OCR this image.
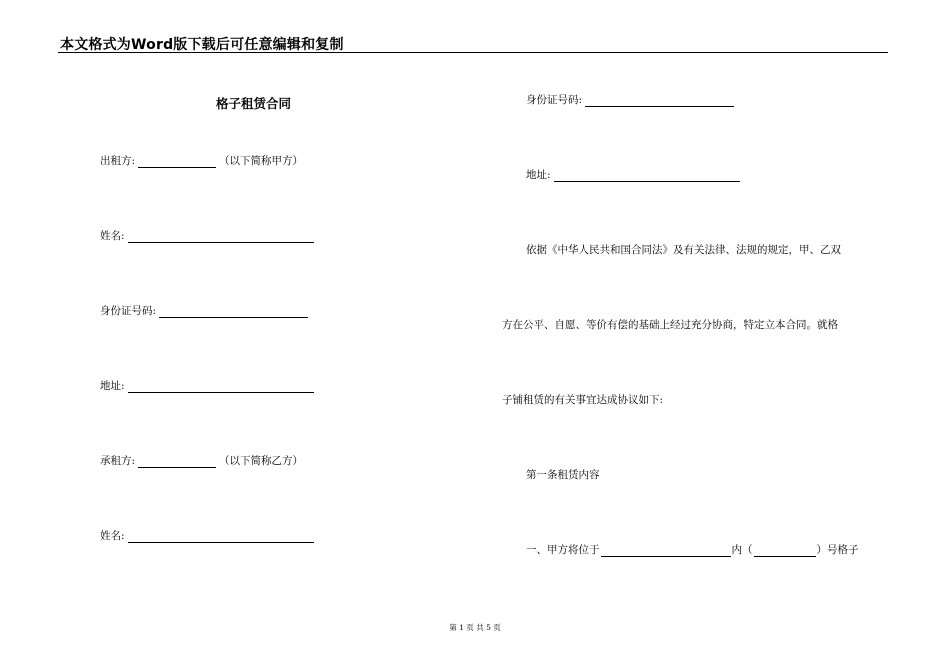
本文格式为Word版下载后可任意编辑和复制
格子租赁合同
出租方:	（以下简称甲方）
姓名:
身份证号码:
地址:
承租方:	（以下简称乙方）
姓名:
身份证号码:
地址:
依据《中华人民共和国合同法》及有关法律、法规的规定，甲、乙双
方在公平、自愿、等价有偿的基础上经过充分协商，特定立本合同。就格
子铺租赁的有关事宜达成协议如下:
第一条租赁内容
一、甲方将位于	内（	）号格子
第 1 页 共 5 页
